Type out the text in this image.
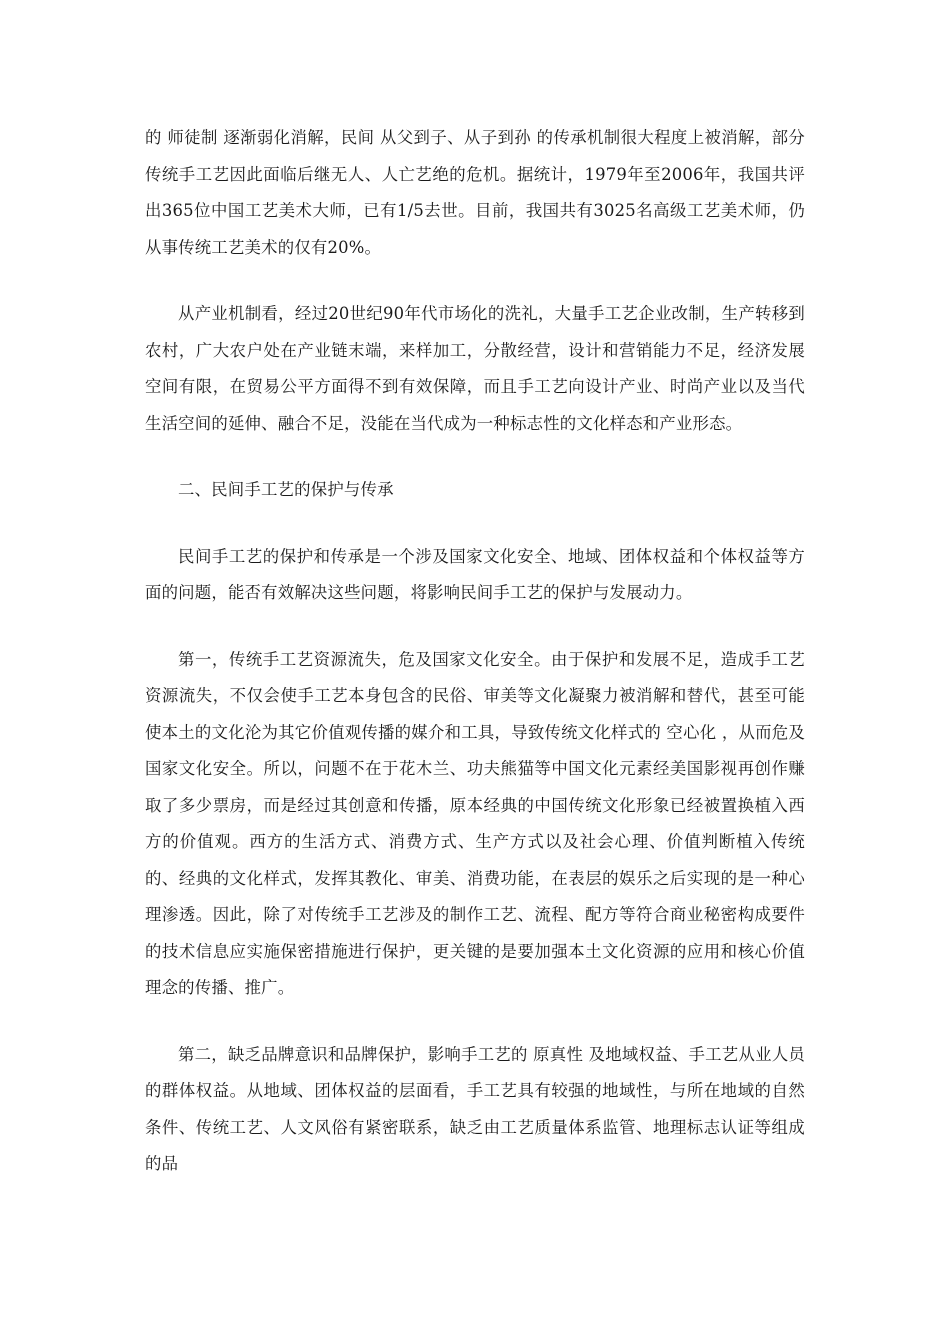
的 师徒制 逐渐弱化消解，民间 从父到子、从子到孙 的传承机制很大程度上被消解，部分传统手工艺因此面临后继无人、人亡艺绝的危机。据统计，1979年至2006年，我国共评出365位中国工艺美术大师，已有1/5去世。目前，我国共有3025名高级工艺美术师，仍从事传统工艺美术的仅有20%。

从产业机制看，经过20世纪90年代市场化的洗礼，大量手工艺企业改制，生产转移到农村，广大农户处在产业链末端，来样加工，分散经营，设计和营销能力不足，经济发展空间有限，在贸易公平方面得不到有效保障，而且手工艺向设计产业、时尚产业以及当代生活空间的延伸、融合不足，没能在当代成为一种标志性的文化样态和产业形态。

二、民间手工艺的保护与传承

民间手工艺的保护和传承是一个涉及国家文化安全、地域、团体权益和个体权益等方面的问题，能否有效解决这些问题，将影响民间手工艺的保护与发展动力。

第一，传统手工艺资源流失，危及国家文化安全。由于保护和发展不足，造成手工艺资源流失，不仅会使手工艺本身包含的民俗、审美等文化凝聚力被消解和替代，甚至可能使本土的文化沦为其它价值观传播的媒介和工具，导致传统文化样式的 空心化 ，从而危及国家文化安全。所以，问题不在于花木兰、功夫熊猫等中国文化元素经美国影视再创作赚取了多少票房，而是经过其创意和传播，原本经典的中国传统文化形象已经被置换植入西方的价值观。西方的生活方式、消费方式、生产方式以及社会心理、价值判断植入传统的、经典的文化样式，发挥其教化、审美、消费功能，在表层的娱乐之后实现的是一种心理渗透。因此，除了对传统手工艺涉及的制作工艺、流程、配方等符合商业秘密构成要件的技术信息应实施保密措施进行保护，更关键的是要加强本土文化资源的应用和核心价值理念的传播、推广。

第二，缺乏品牌意识和品牌保护，影响手工艺的 原真性 及地域权益、手工艺从业人员的群体权益。从地域、团体权益的层面看，手工艺具有较强的地域性，与所在地域的自然条件、传统工艺、人文风俗有紧密联系，缺乏由工艺质量体系监管、地理标志认证等组成的品
